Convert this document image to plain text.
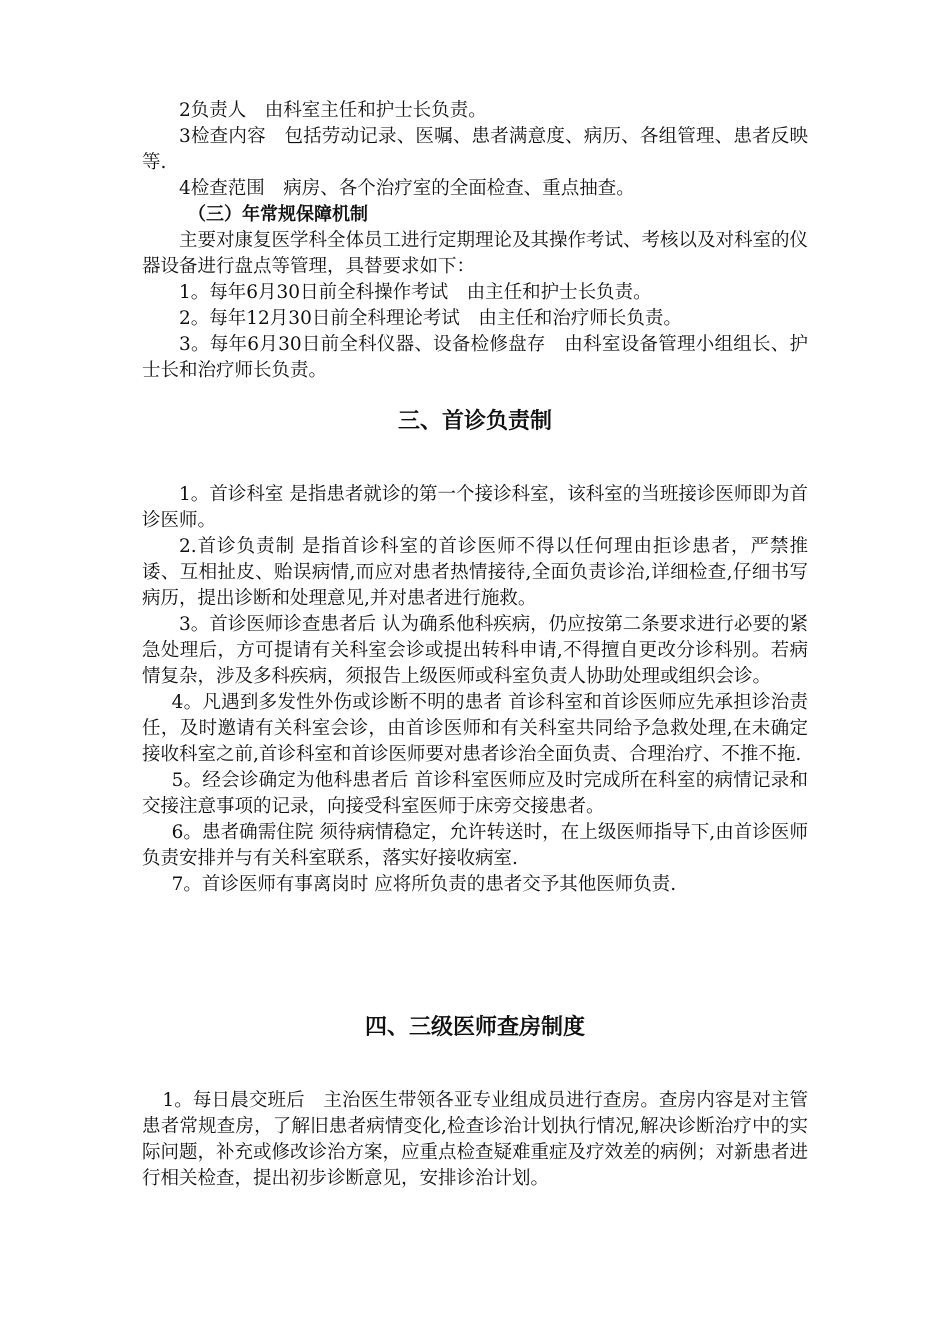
2负责人　由科室主任和护士长负责。

3检查内容　包括劳动记录、医嘱、患者满意度、病历、各组管理、患者反映等.

4检查范围　病房、各个治疗室的全面检查、重点抽查。

（三）年常规保障机制

主要对康复医学科全体员工进行定期理论及其操作考试、考核以及对科室的仪器设备进行盘点等管理，具替要求如下：

1。每年6月30日前全科操作考试　由主任和护士长负责。

2。每年12月30日前全科理论考试　由主任和治疗师长负责。

3。每年6月30日前全科仪器、设备检修盘存　由科室设备管理小组组长、护士长和治疗师长负责。

三、首诊负责制

1。首诊科室 是指患者就诊的第一个接诊科室，该科室的当班接诊医师即为首诊医师。

2.首诊负责制 是指首诊科室的首诊医师不得以任何理由拒诊患者，严禁推诿、互相扯皮、贻误病情,而应对患者热情接待,全面负责诊治,详细检查,仔细书写病历，提出诊断和处理意见,并对患者进行施救。

3。首诊医师诊查患者后 认为确系他科疾病，仍应按第二条要求进行必要的紧急处理后，方可提请有关科室会诊或提出转科申请,不得擅自更改分诊科别。若病情复杂，涉及多科疾病，须报告上级医师或科室负责人协助处理或组织会诊。

4。凡遇到多发性外伤或诊断不明的患者 首诊科室和首诊医师应先承担诊治责任，及时邀请有关科室会诊，由首诊医师和有关科室共同给予急救处理,在未确定接收科室之前,首诊科室和首诊医师要对患者诊治全面负责、合理治疗、不推不拖.

5。经会诊确定为他科患者后 首诊科室医师应及时完成所在科室的病情记录和交接注意事项的记录，向接受科室医师于床旁交接患者。

6。患者确需住院 须待病情稳定，允许转送时，在上级医师指导下,由首诊医师负责安排并与有关科室联系，落实好接收病室.

7。首诊医师有事离岗时 应将所负责的患者交予其他医师负责.

四、三级医师查房制度

1。每日晨交班后　主治医生带领各亚专业组成员进行查房。查房内容是对主管患者常规查房，了解旧患者病情变化,检查诊治计划执行情况,解决诊断治疗中的实际问题，补充或修改诊治方案，应重点检查疑难重症及疗效差的病例；对新患者进行相关检查，提出初步诊断意见，安排诊治计划。
